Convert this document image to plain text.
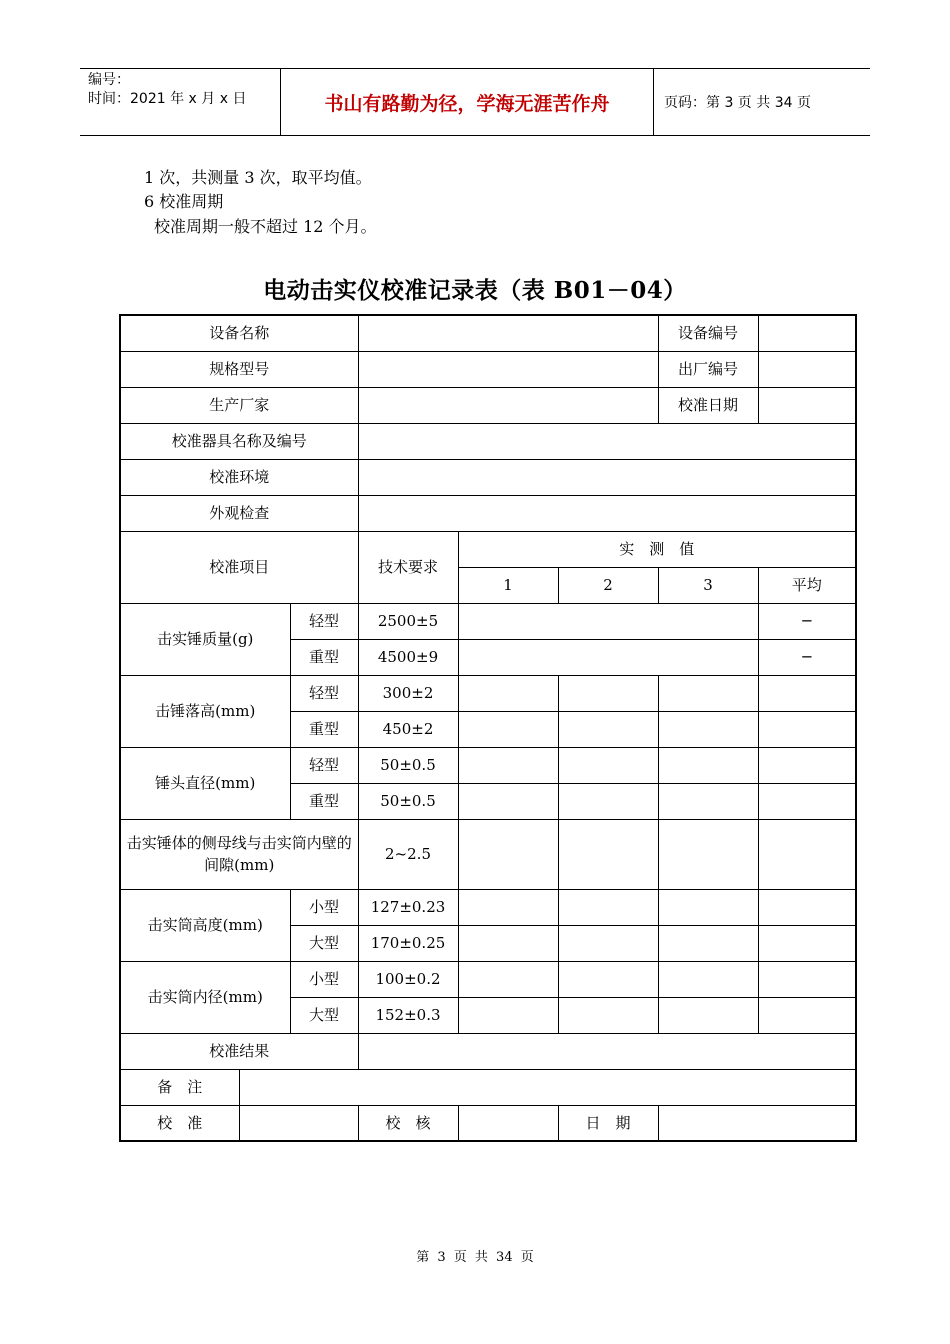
编号：
时间：2021 年 x 月 x 日	书山有路勤为径，学海无涯苦作舟	页码：第 3 页 共 34 页
1 次，共测量 3 次，取平均值。
6 校准周期
校准周期一般不超过 12 个月。
电动击实仪校准记录表（表 B01－04）
设备名称						设备编号	
规格型号						出厂编号	
生产厂家						校准日期	
校准器具名称及编号							
校准环境							
外观检查							
校准项目			技术要求	实　测　值			
				1	2	3	平均
击实锤质量(g)		轻型	2500±5				─
		重型	4500±9				─
击锤落高(mm)		轻型	300±2				
		重型	450±2				
锤头直径(mm)		轻型	50±0.5				
		重型	50±0.5				
击实锤体的侧母线与击实筒内壁的间隙(mm)			2~2.5				
击实筒高度(mm)		小型	127±0.23				
		大型	170±0.25				
击实筒内径(mm)		小型	100±0.2				
		大型	152±0.3				
校准结果							
备　注							
校　准			校　核		日　期		
第 3 页 共 34 页
